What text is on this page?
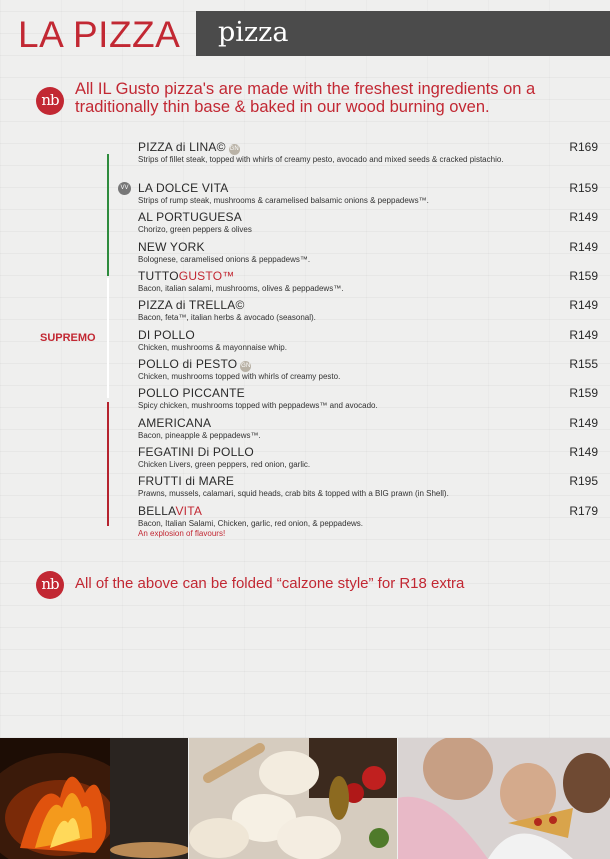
LA PIZZA pizza
nb
All IL Gusto pizza's are made with the freshest ingredients on a traditionally thin base & baked in our wood burning oven.
SUPREMO
PIZZA di LINA© GN
Strips of fillet steak, topped with whirls of creamy pesto, avocado and mixed seeds & cracked pistachio.
R169
VV LA DOLCE VITA
Strips of rump steak, mushrooms & caramelised balsamic onions & peppadews™.
R159
AL PORTUGUESA
Chorizo, green peppers & olives
R149
NEW YORK
Bolognese, caramelised onions & peppadews™.
R149
TUTTOGUSTO™
Bacon, italian salami, mushrooms, olives & peppadews™.
R159
PIZZA di TRELLA©
Bacon, feta™, italian herbs & avocado (seasonal).
R149
DI POLLO
Chicken, mushrooms & mayonnaise whip.
R149
POLLO di PESTO GN
Chicken, mushrooms topped with whirls of creamy pesto.
R155
POLLO PICCANTE
Spicy chicken, mushrooms topped with peppadews™ and avocado.
R159
AMERICANA
Bacon, pineapple & peppadews™.
R149
FEGATINI Di POLLO
Chicken Livers, green peppers, red onion, garlic.
R149
FRUTTI di MARE
Prawns, mussels, calamari, squid heads, crab bits & topped with a BIG prawn (in Shell).
R195
BELLAVITA
Bacon, Italian Salami, Chicken, garlic, red onion, & peppadews.
An explosion of flavours!
R179
nb	All of the above can be folded “calzone style” for R18 extra
